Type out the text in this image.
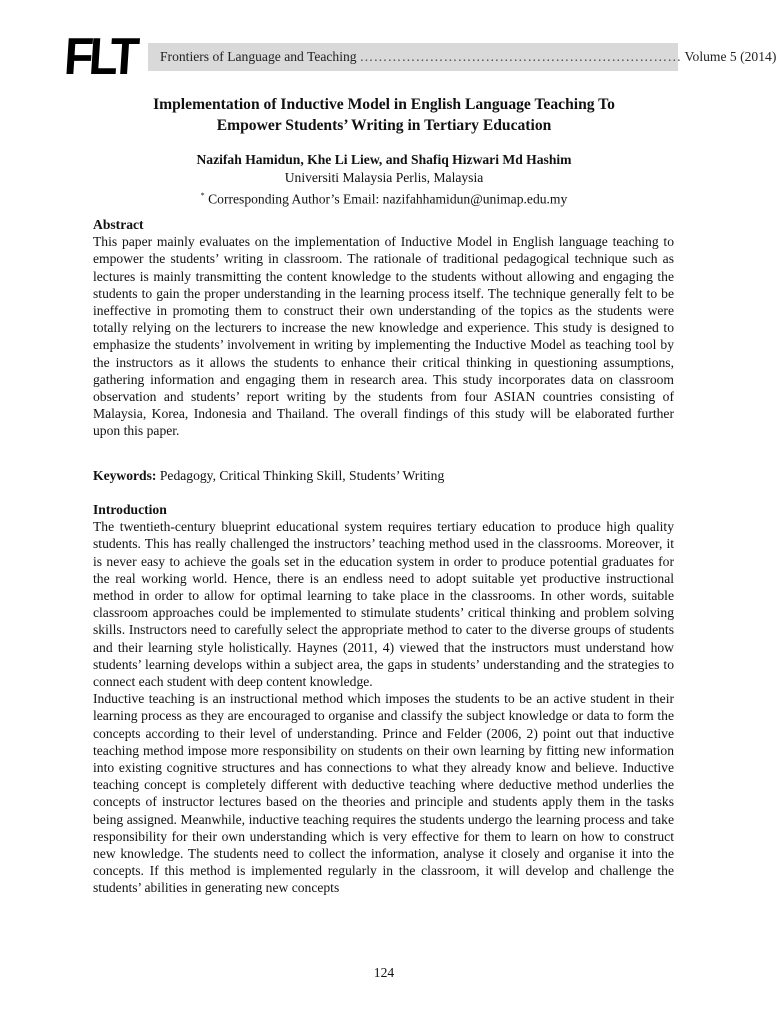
FLT Frontiers of Language and Teaching …………………………………………………………… Volume 5 (2014)
Implementation of Inductive Model in English Language Teaching To
Empower Students’ Writing in Tertiary Education
Nazifah Hamidun, Khe Li Liew, and Shafiq Hizwari Md Hashim
Universiti Malaysia Perlis, Malaysia
* Corresponding Author’s Email: nazifahhamidun@unimap.edu.my

Abstract

This paper mainly evaluates on the implementation of Inductive Model in English language teaching to empower the students’ writing in classroom. The rationale of traditional pedagogical technique such as lectures is mainly transmitting the content knowledge to the students without allowing and engaging the students to gain the proper understanding in the learning process itself. The technique generally felt to be ineffective in promoting them to construct their own understanding of the topics as the students were totally relying on the lecturers to increase the new knowledge and experience. This study is designed to emphasize the students’ involvement in writing by implementing the Inductive Model as teaching tool by the instructors as it allows the students to enhance their critical thinking in questioning assumptions, gathering information and engaging them in research area. This study incorporates data on classroom observation and students’ report writing by the students from four ASIAN countries consisting of Malaysia, Korea, Indonesia and Thailand. The overall findings of this study will be elaborated further upon this paper.

Keywords: Pedagogy, Critical Thinking Skill, Students’ Writing

Introduction

The twentieth-century blueprint educational system requires tertiary education to produce high quality students. This has really challenged the instructors’ teaching method used in the classrooms. Moreover, it is never easy to achieve the goals set in the education system in order to produce potential graduates for the real working world. Hence, there is an endless need to adopt suitable yet productive instructional method in order to allow for optimal learning to take place in the classrooms. In other words, suitable classroom approaches could be implemented to stimulate students’ critical thinking and problem solving skills. Instructors need to carefully select the appropriate method to cater to the diverse groups of students and their learning style holistically. Haynes (2011, 4) viewed that the instructors must understand how students’ learning develops within a subject area, the gaps in students’ understanding and the strategies to connect each student with deep content knowledge.

Inductive teaching is an instructional method which imposes the students to be an active student in their learning process as they are encouraged to organise and classify the subject knowledge or data to form the concepts according to their level of understanding. Prince and Felder (2006, 2) point out that inductive teaching method impose more responsibility on students on their own learning by fitting new information into existing cognitive structures and has connections to what they already know and believe. Inductive teaching concept is completely different with deductive teaching where deductive method underlies the concepts of instructor lectures based on the theories and principle and students apply them in the tasks being assigned. Meanwhile, inductive teaching requires the students undergo the learning process and take responsibility for their own understanding which is very effective for them to learn on how to construct new knowledge. The students need to collect the information, analyse it closely and organise it into the concepts. If this method is implemented regularly in the classroom, it will develop and challenge the students’ abilities in generating new concepts

124
